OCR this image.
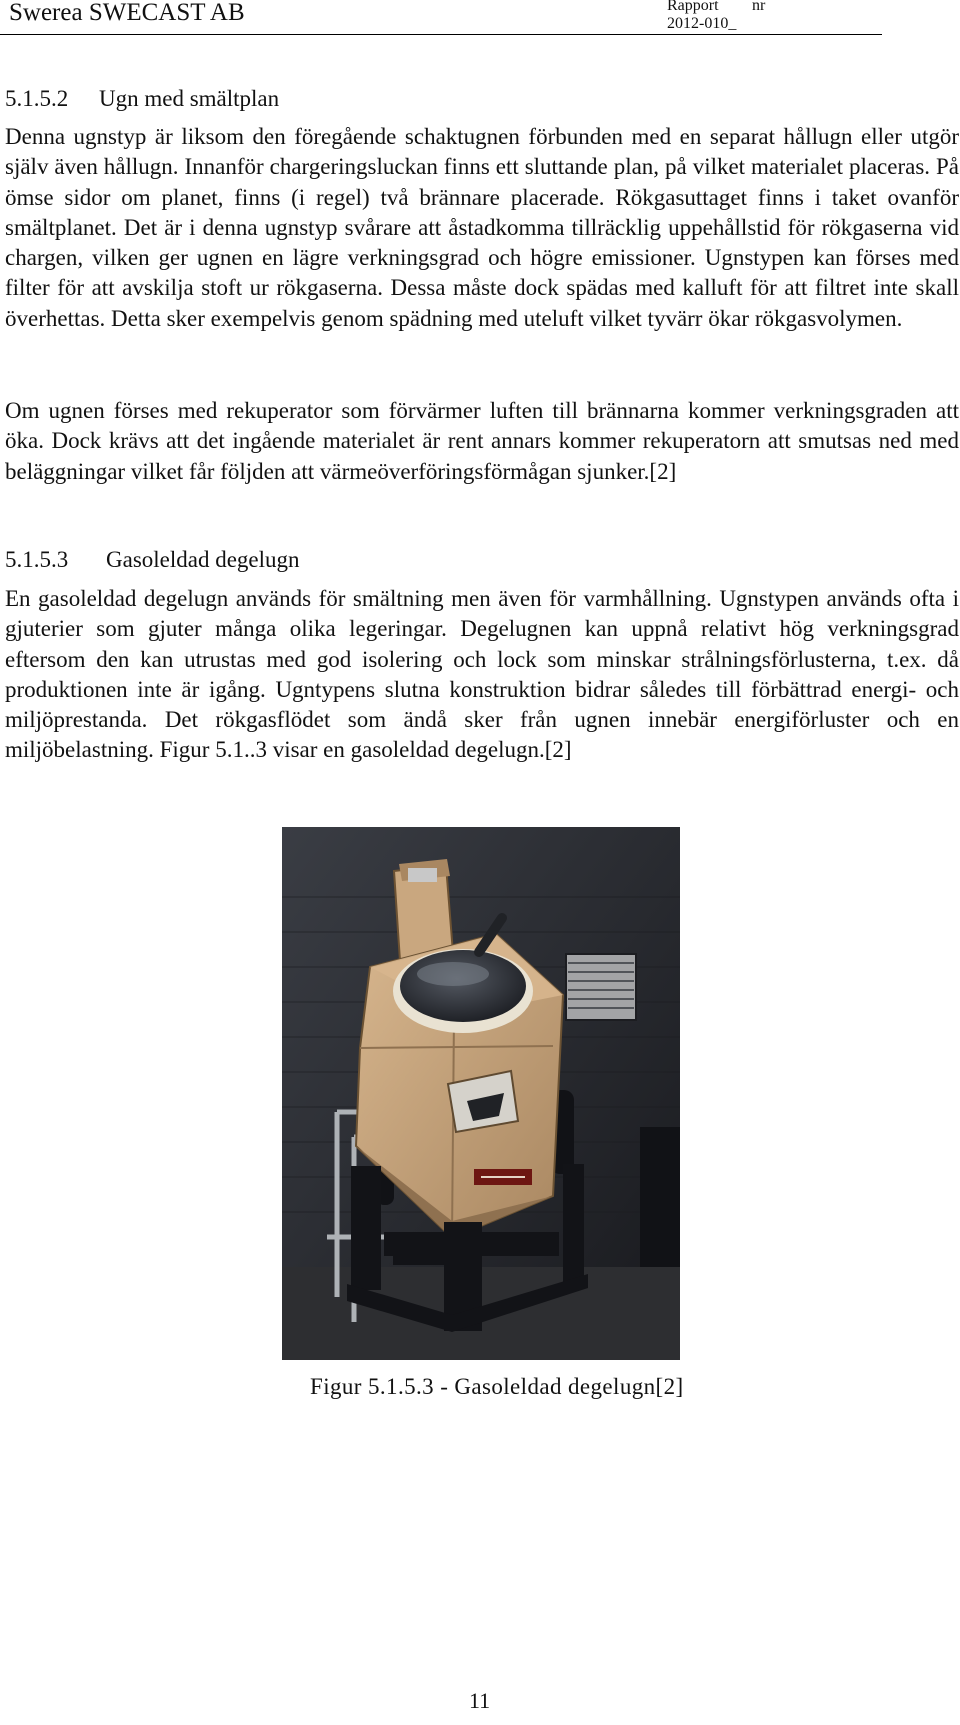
Swerea SWECAST AB	Rapport nr
2012-010_
5.1.5.2 Ugn med smältplan

Denna ugnstyp är liksom den föregående schaktugnen förbunden med en separat hållugn eller utgör själv även hållugn. Innanför chargeringsluckan finns ett sluttande plan, på vilket materialet placeras. På ömse sidor om planet, finns (i regel) två brännare placerade. Rökgasuttaget finns i taket ovanför smältplanet. Det är i denna ugnstyp svårare att åstadkomma tillräcklig uppehållstid för rökgaserna vid chargen, vilken ger ugnen en lägre verkningsgrad och högre emissioner. Ugnstypen kan förses med filter för att avskilja stoft ur rökgaserna. Dessa måste dock spädas med kalluft för att filtret inte skall överhettas. Detta sker exempelvis genom spädning med uteluft vilket tyvärr ökar rökgasvolymen.

Om ugnen förses med rekuperator som förvärmer luften till brännarna kommer verkningsgraden att öka. Dock krävs att det ingående materialet är rent annars kommer rekuperatorn att smutsas ned med beläggningar vilket får följden att värmeöverföringsförmågan sjunker.[2]

5.1.5.3 Gasoleldad degelugn

En gasoleldad degelugn används för smältning men även för varmhållning. Ugnstypen används ofta i gjuterier som gjuter många olika legeringar. Degelugnen kan uppnå relativt hög verkningsgrad eftersom den kan utrustas med god isolering och lock som minskar strålningsförlusterna, t.ex. då produktionen inte är igång. Ugntypens slutna konstruktion bidrar således till förbättrad energi- och miljöprestanda. Det rökgasflödet som ändå sker från ugnen innebär energiförluster och en miljöbelastning. Figur 5.1..3 visar en gasoleldad degelugn.[2]

Figur 5.1.5.3 - Gasoleldad degelugn[2]
11
